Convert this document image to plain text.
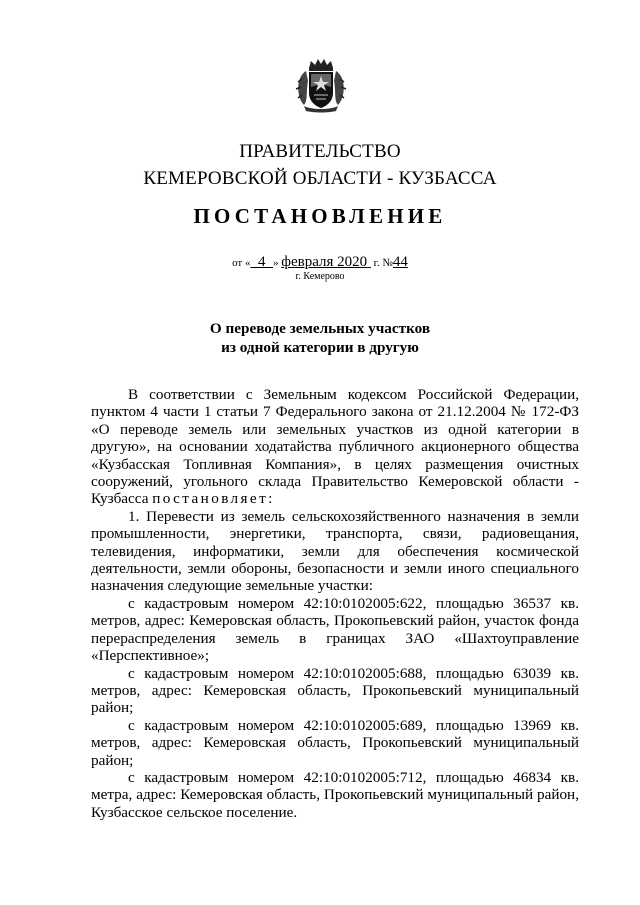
ПРАВИТЕЛЬСТВО
КЕМЕРОВСКОЙ ОБЛАСТИ - КУЗБАССА
ПОСТАНОВЛЕНИЕ
от « 4 » февраля 2020 г. №44
г. Кемерово
О переводе земельных участков
из одной категории в другую

В соответствии с Земельным кодексом Российской Федерации, пунктом 4 части 1 статьи 7 Федерального закона от 21.12.2004 № 172-ФЗ «О переводе земель или земельных участков из одной категории в другую», на основании ходатайства публичного акционерного общества «Кузбасская Топливная Компания», в целях размещения очистных сооружений, угольного склада Правительство Кемеровской области - Кузбасса постановляет:

1. Перевести из земель сельскохозяйственного назначения в земли промышленности, энергетики, транспорта, связи, радиовещания, телевидения, информатики, земли для обеспечения космической деятельности, земли обороны, безопасности и земли иного специального назначения следующие земельные участки:

с кадастровым номером 42:10:0102005:622, площадью 36537 кв. метров, адрес: Кемеровская область, Прокопьевский район, участок фонда перераспределения земель в границах ЗАО «Шахтоуправление «Перспективное»;

с кадастровым номером 42:10:0102005:688, площадью 63039 кв. метров, адрес: Кемеровская область, Прокопьевский муниципальный район;

с кадастровым номером 42:10:0102005:689, площадью 13969 кв. метров, адрес: Кемеровская область, Прокопьевский муниципальный район;

с кадастровым номером 42:10:0102005:712, площадью 46834 кв. метра, адрес: Кемеровская область, Прокопьевский муниципальный район, Кузбасское сельское поселение.
